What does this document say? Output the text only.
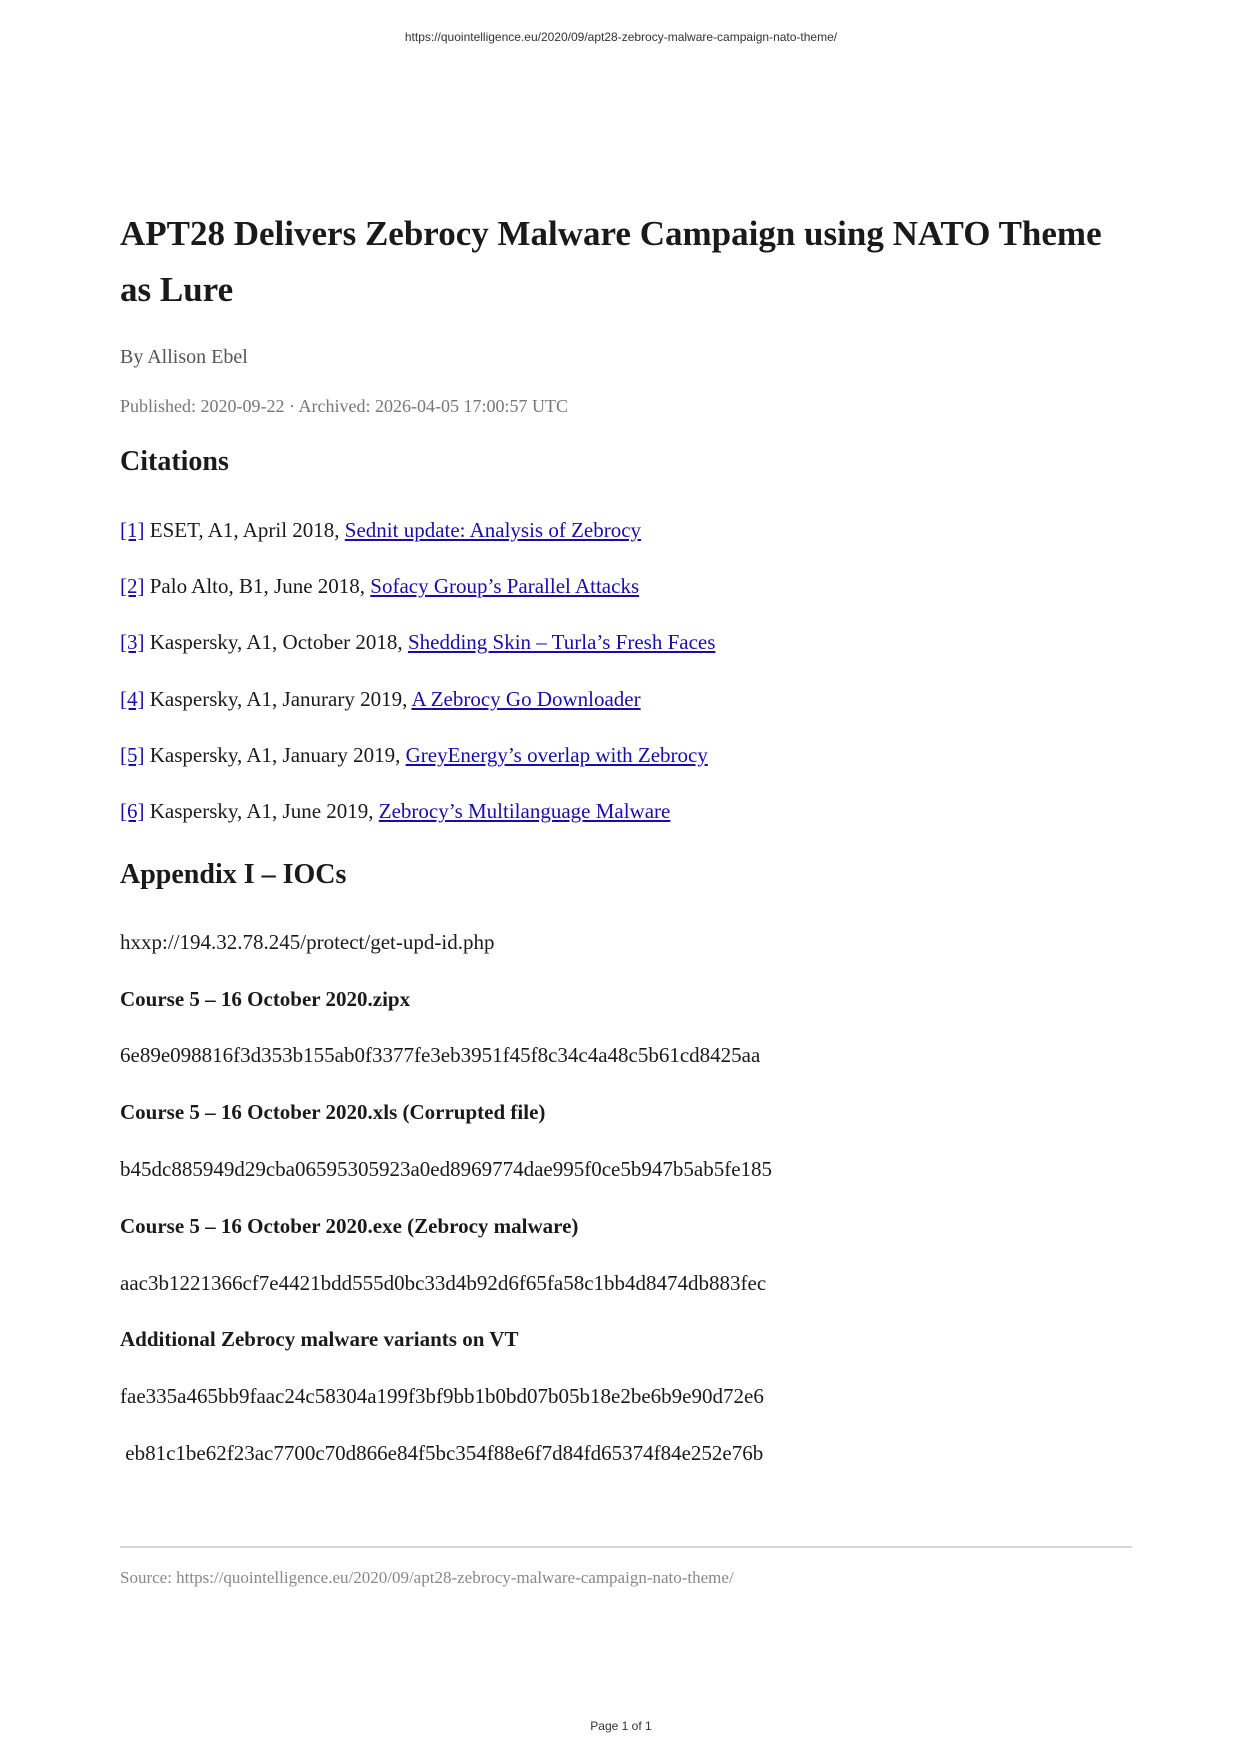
https://quointelligence.eu/2020/09/apt28-zebrocy-malware-campaign-nato-theme/
APT28 Delivers Zebrocy Malware Campaign using NATO Theme as Lure

By Allison Ebel

Published: 2020-09-22 · Archived: 2026-04-05 17:00:57 UTC

Citations

[1] ESET, A1, April 2018, Sednit update: Analysis of Zebrocy

[2] Palo Alto, B1, June 2018, Sofacy Group’s Parallel Attacks

[3] Kaspersky, A1, October 2018, Shedding Skin – Turla’s Fresh Faces

[4] Kaspersky, A1, Janurary 2019, A Zebrocy Go Downloader

[5] Kaspersky, A1, January 2019, GreyEnergy’s overlap with Zebrocy

[6] Kaspersky, A1, June 2019, Zebrocy’s Multilanguage Malware

Appendix I – IOCs

hxxp://194.32.78.245/protect/get-upd-id.php

Course 5 – 16 October 2020.zipx

6e89e098816f3d353b155ab0f3377fe3eb3951f45f8c34c4a48c5b61cd8425aa

Course 5 – 16 October 2020.xls (Corrupted file)

b45dc885949d29cba06595305923a0ed8969774dae995f0ce5b947b5ab5fe185

Course 5 – 16 October 2020.exe (Zebrocy malware)

aac3b1221366cf7e4421bdd555d0bc33d4b92d6f65fa58c1bb4d8474db883fec

Additional Zebrocy malware variants on VT

fae335a465bb9faac24c58304a199f3bf9bb1b0bd07b05b18e2be6b9e90d72e6

eb81c1be62f23ac7700c70d866e84f5bc354f88e6f7d84fd65374f84e252e76b

Source: https://quointelligence.eu/2020/09/apt28-zebrocy-malware-campaign-nato-theme/

Page 1 of 1
